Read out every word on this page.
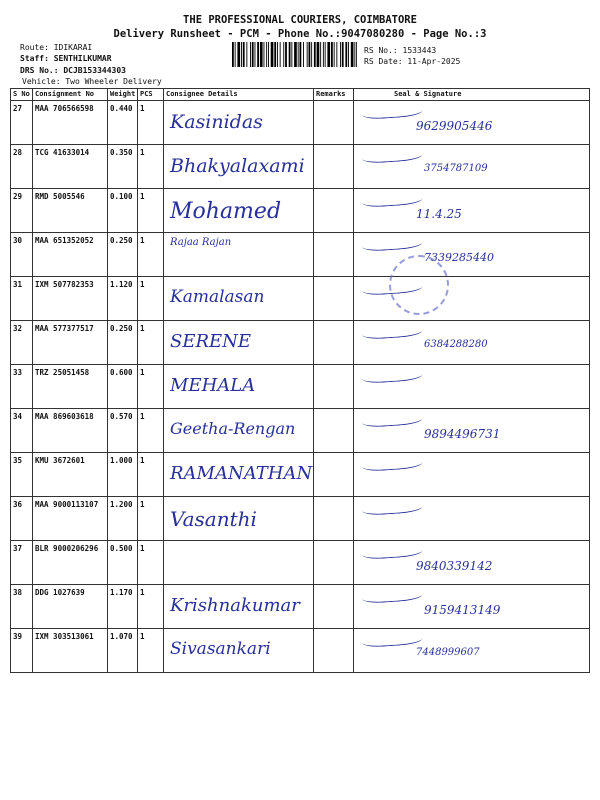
THE PROFESSIONAL COURIERS, COIMBATORE
Delivery Runsheet - PCM - Phone No.:9047080280 - Page No.:3
Route: IDIKARAI
Staff: SENTHILKUMAR
DRS No.: DCJB153344303
Vehicle: Two Wheeler Delivery
RS No.: 1533443
RS Date: 11-Apr-2025
S No	Consignment No	Weight	PCS	Consignee Details	Remarks	Seal & Signature
27	MAA 706566598	0.440	1	Kasinidas		9629905446

28	TCG 41633014	0.350	1	Bhakyalaxami		3754787109

29	RMD 5005546	0.100	1	Mohamed		11.4.25

30	MAA 651352052	0.250	1	Rajaa Rajan		7339285440

31	IXM 507782353	1.120	1	Kamalasan		

32	MAA 577377517	0.250	1	SERENE		6384288280

33	TRZ 25051458	0.600	1	MEHALA		

34	MAA 869603618	0.570	1	Geetha-Rengan		9894496731

35	KMU 3672601	1.000	1	RAMANATHAN		

36	MAA 9000113107	1.200	1	Vasanthi		

37	BLR 9000206296	0.500	1			9840339142

38	DDG 1027639	1.170	1	Krishnakumar		9159413149

39	IXM 303513061	1.070	1	Sivasankari		7448999607
